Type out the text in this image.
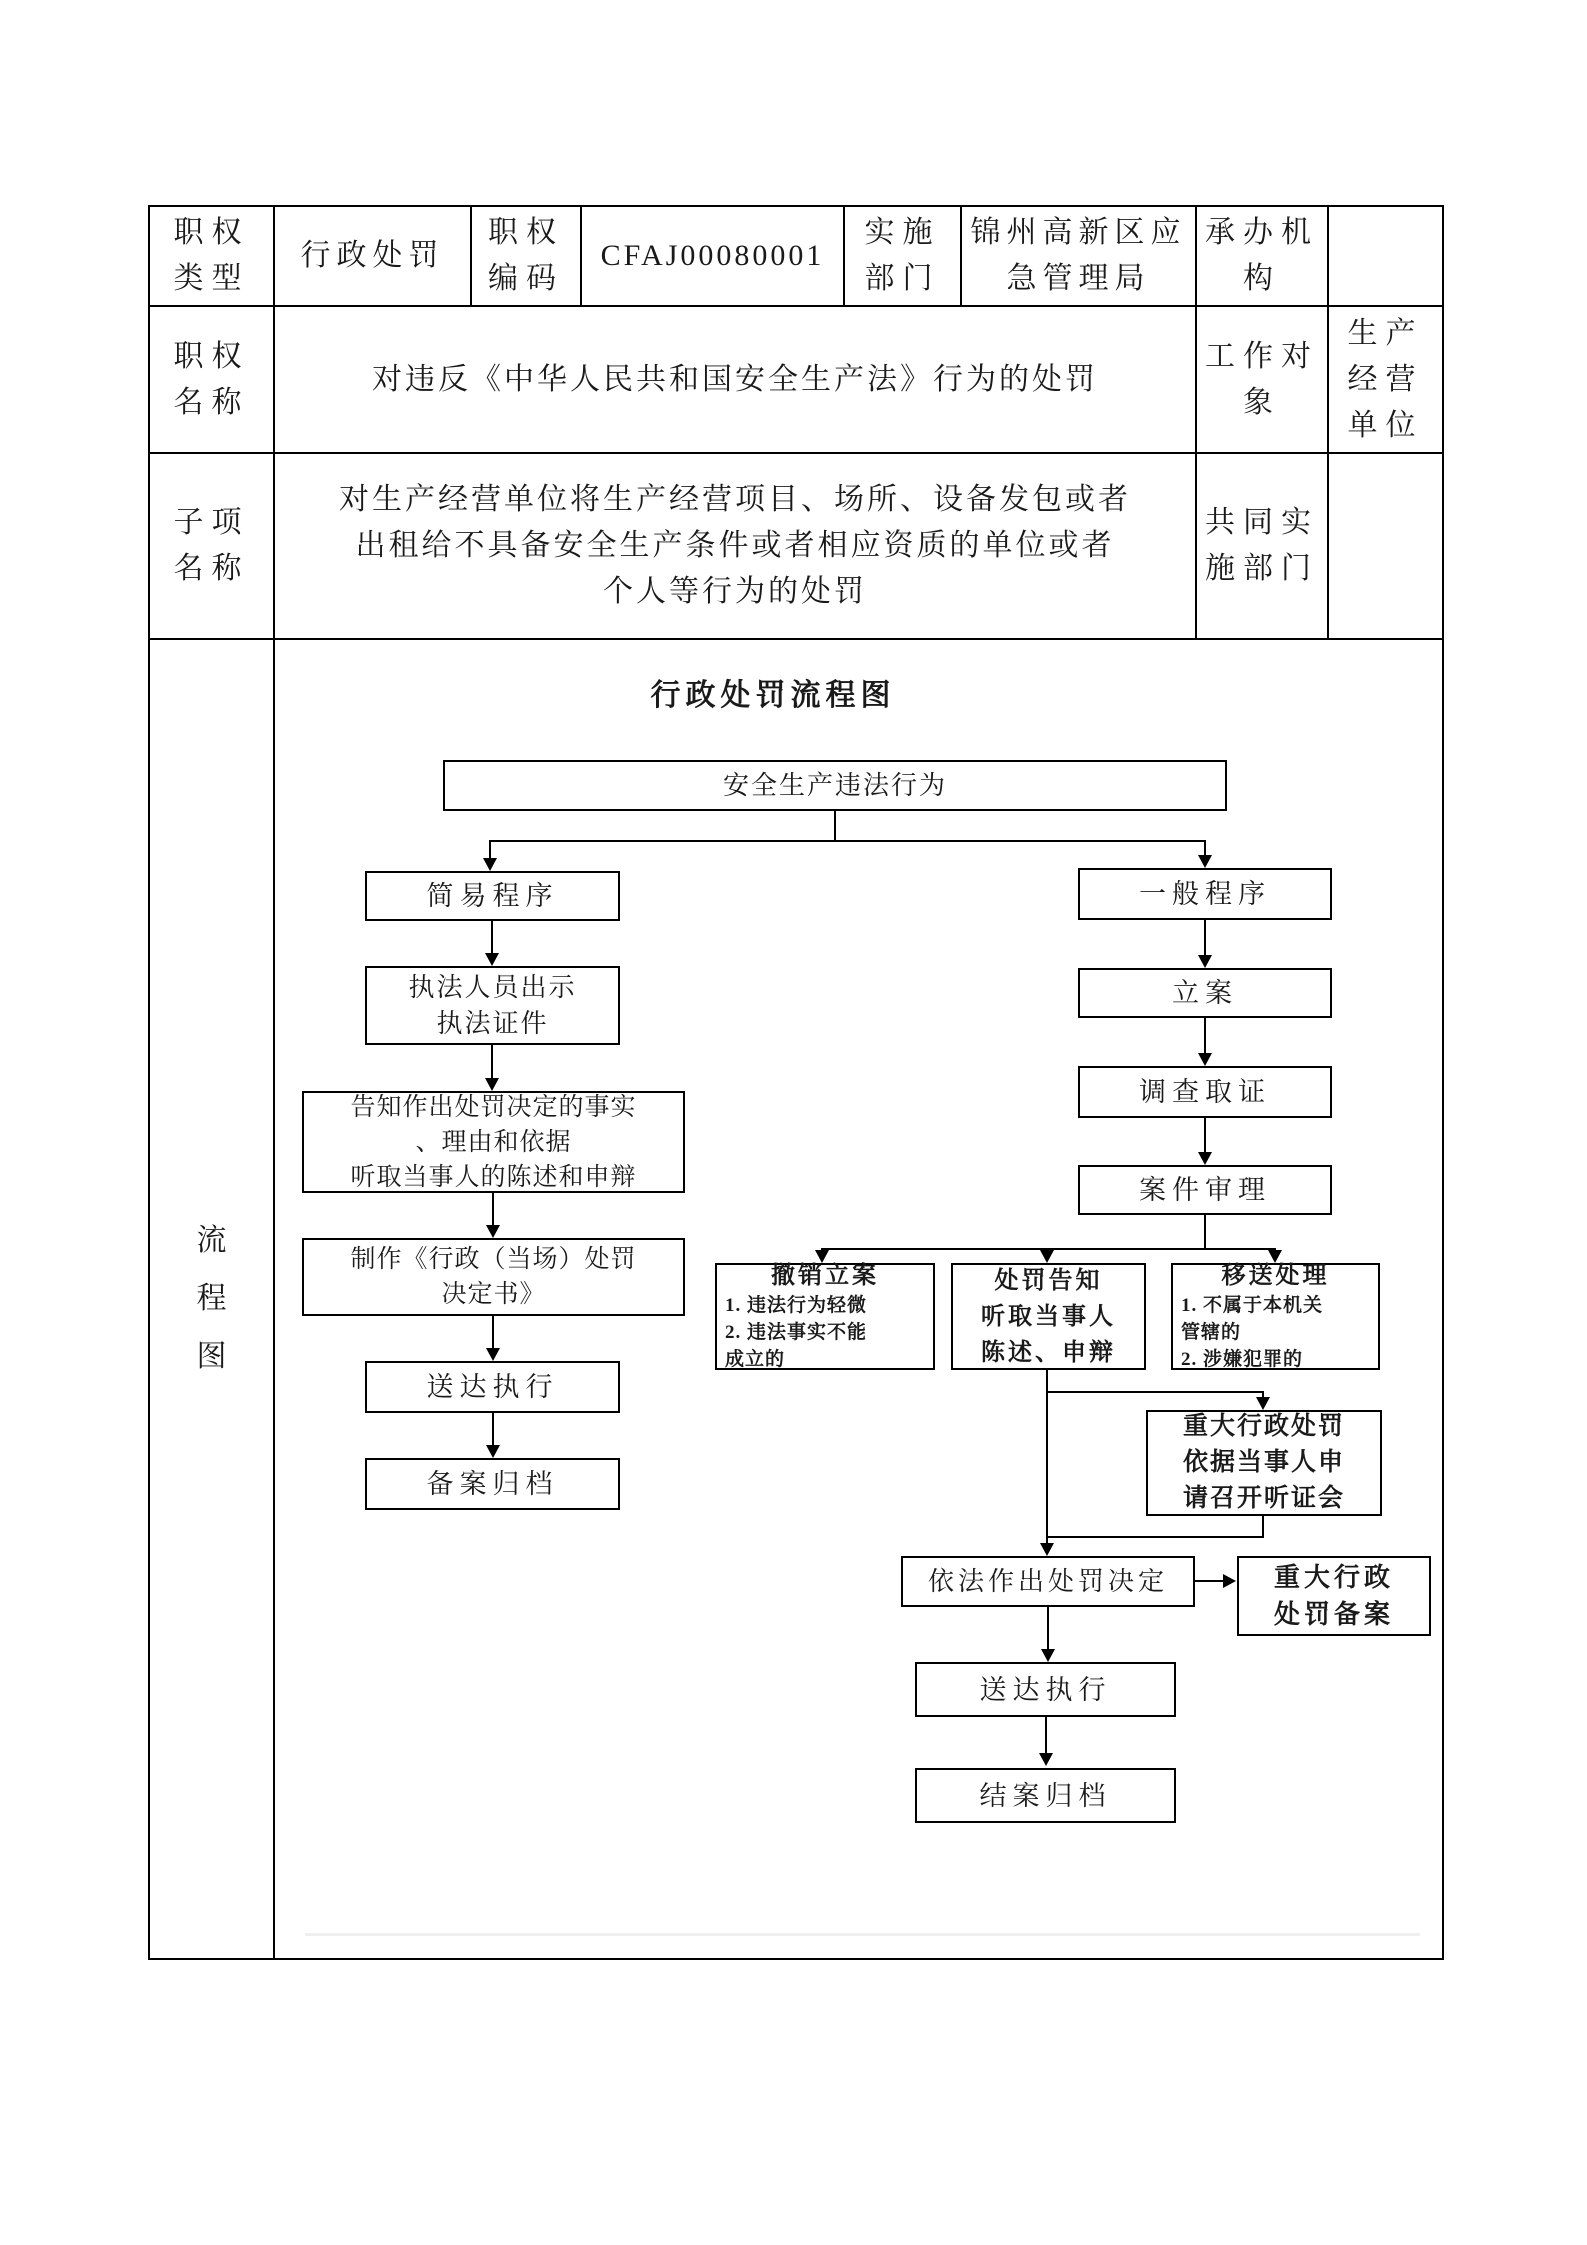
职权类型	行政处罚	职权编码	CFAJ00080001	实施部门	锦州高新区应急管理局	承办机构	
职权名称	对违反《中华人民共和国安全生产法》行为的处罚					工作对象	生产经营单位
子项名称	对生产经营单位将生产经营项目、场所、设备发包或者
出租给不具备安全生产条件或者相应资质的单位或者
个人等行为的处罚					共同实施部门	

流程图

行政处罚流程图
安全生产违法行为
简易程序
执法人员出示
执法证件
告知作出处罚决定的事实
、理由和依据
听取当事人的陈述和申辩
制作《行政（当场）处罚
决定书》
送达执行
备案归档
一般程序
立案
调查取证
案件审理
撤销立案
1. 违法行为轻微
2. 违法事实不能
成立的
处罚告知
听取当事人
陈述、申辩
移送处理
1. 不属于本机关
管辖的
2. 涉嫌犯罪的
重大行政处罚
依据当事人申
请召开听证会
依法作出处罚决定	重大行政
处罚备案
送达执行
结案归档
